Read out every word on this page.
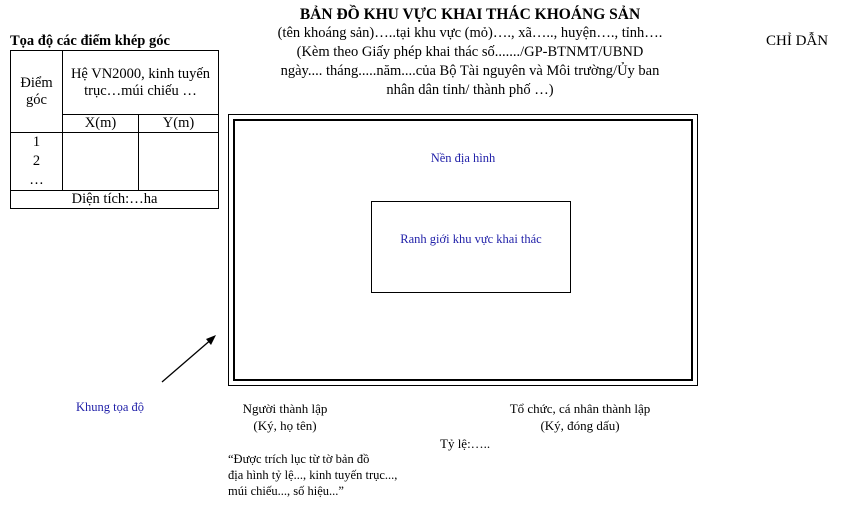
BẢN ĐỒ KHU VỰC KHAI THÁC KHOÁNG SẢN
(tên khoáng sản)…..tại khu vực (mỏ)…., xã….., huyện…., tỉnh….
(Kèm theo Giấy phép khai thác số......./GP-BTNMT/UBND
ngày.... tháng.....năm....của Bộ Tài nguyên và Môi trường/Ủy ban
nhân dân tỉnh/ thành phố …)
CHỈ DẪN
Tọa độ các điểm khép góc
Điểm góc	Hệ VN2000, kinh tuyến trục…múi chiếu …	
	X(m)	Y(m)

1
2
…		

Diện tích:…ha		
Nền địa hình
Ranh giới khu vực khai thác
Khung tọa độ	Người thành lập
(Ký, họ tên)
Tổ chức, cá nhân thành lập
(Ký, đóng dấu)
Tỷ lệ:…..
“Được trích lục từ tờ bản đồ
địa hình tỷ lệ..., kinh tuyến trục...,
múi chiếu..., số hiệu...”
